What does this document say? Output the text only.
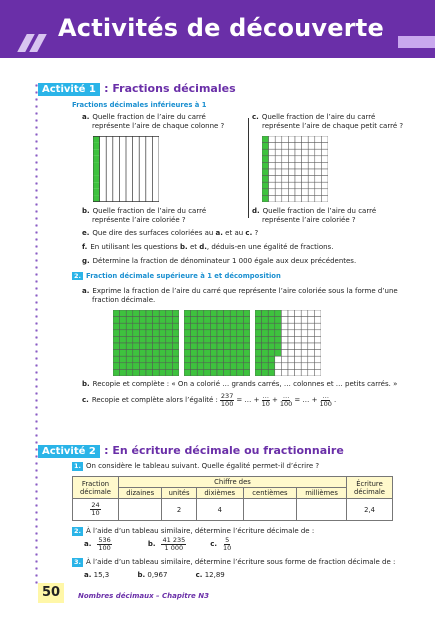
Activités de découverte
Activité 1 : Fractions décimales
Fractions décimales inférieures à 1
a. Quelle fraction de l’aire du carré
représente l’aire de chaque colonne ?
c. Quelle fraction de l’aire du carré
représente l’aire de chaque petit carré ?
b. Quelle fraction de l’aire du carré
représente l’aire coloriée ?
d. Quelle fraction de l’aire du carré
représente l’aire coloriée ?
e. Que dire des surfaces coloriées au a. et au c. ?
f. En utilisant les questions b. et d., déduis-en une égalité de fractions.
g. Détermine la fraction de dénominateur 1 000 égale aux deux précédentes.
2. Fraction décimale supérieure à 1 et décomposition
a. Exprime la fraction de l’aire du carré que représente l’aire coloriée sous la forme d’une
fraction décimale.
b. Recopie et complète : « On a colorié … grands carrés, … colonnes et … petits carrés. »
c. Recopie et complète alors l’égalité : $\frac{237}{100}$ = … + $\frac{\dots}{10} + \frac{\dots}{100}$ = … + $\frac{\dots}{100}$ .
Activité 2 : En écriture décimale ou fractionnaire
1. On considère le tableau suivant. Quelle égalité permet-il d’écrire ?
Fraction décimale	Chiffre des					Écriture décimale
	dizaines	unités	dixièmes	centièmes	millièmes	

$\frac{24}{10}$		2	4			2,4
2. À l’aide d’un tableau similaire, détermine l’écriture décimale de :
a. $\frac{536}{100}$	b. $\frac{41 235}{1 000}$	c. $\frac{5}{10}$
3. À l’aide d’un tableau similaire, détermine l’écriture sous forme de fraction décimale de :
a. 15,3	b. 0,967	c. 12,89
50	Nombres décimaux – Chapitre N3
